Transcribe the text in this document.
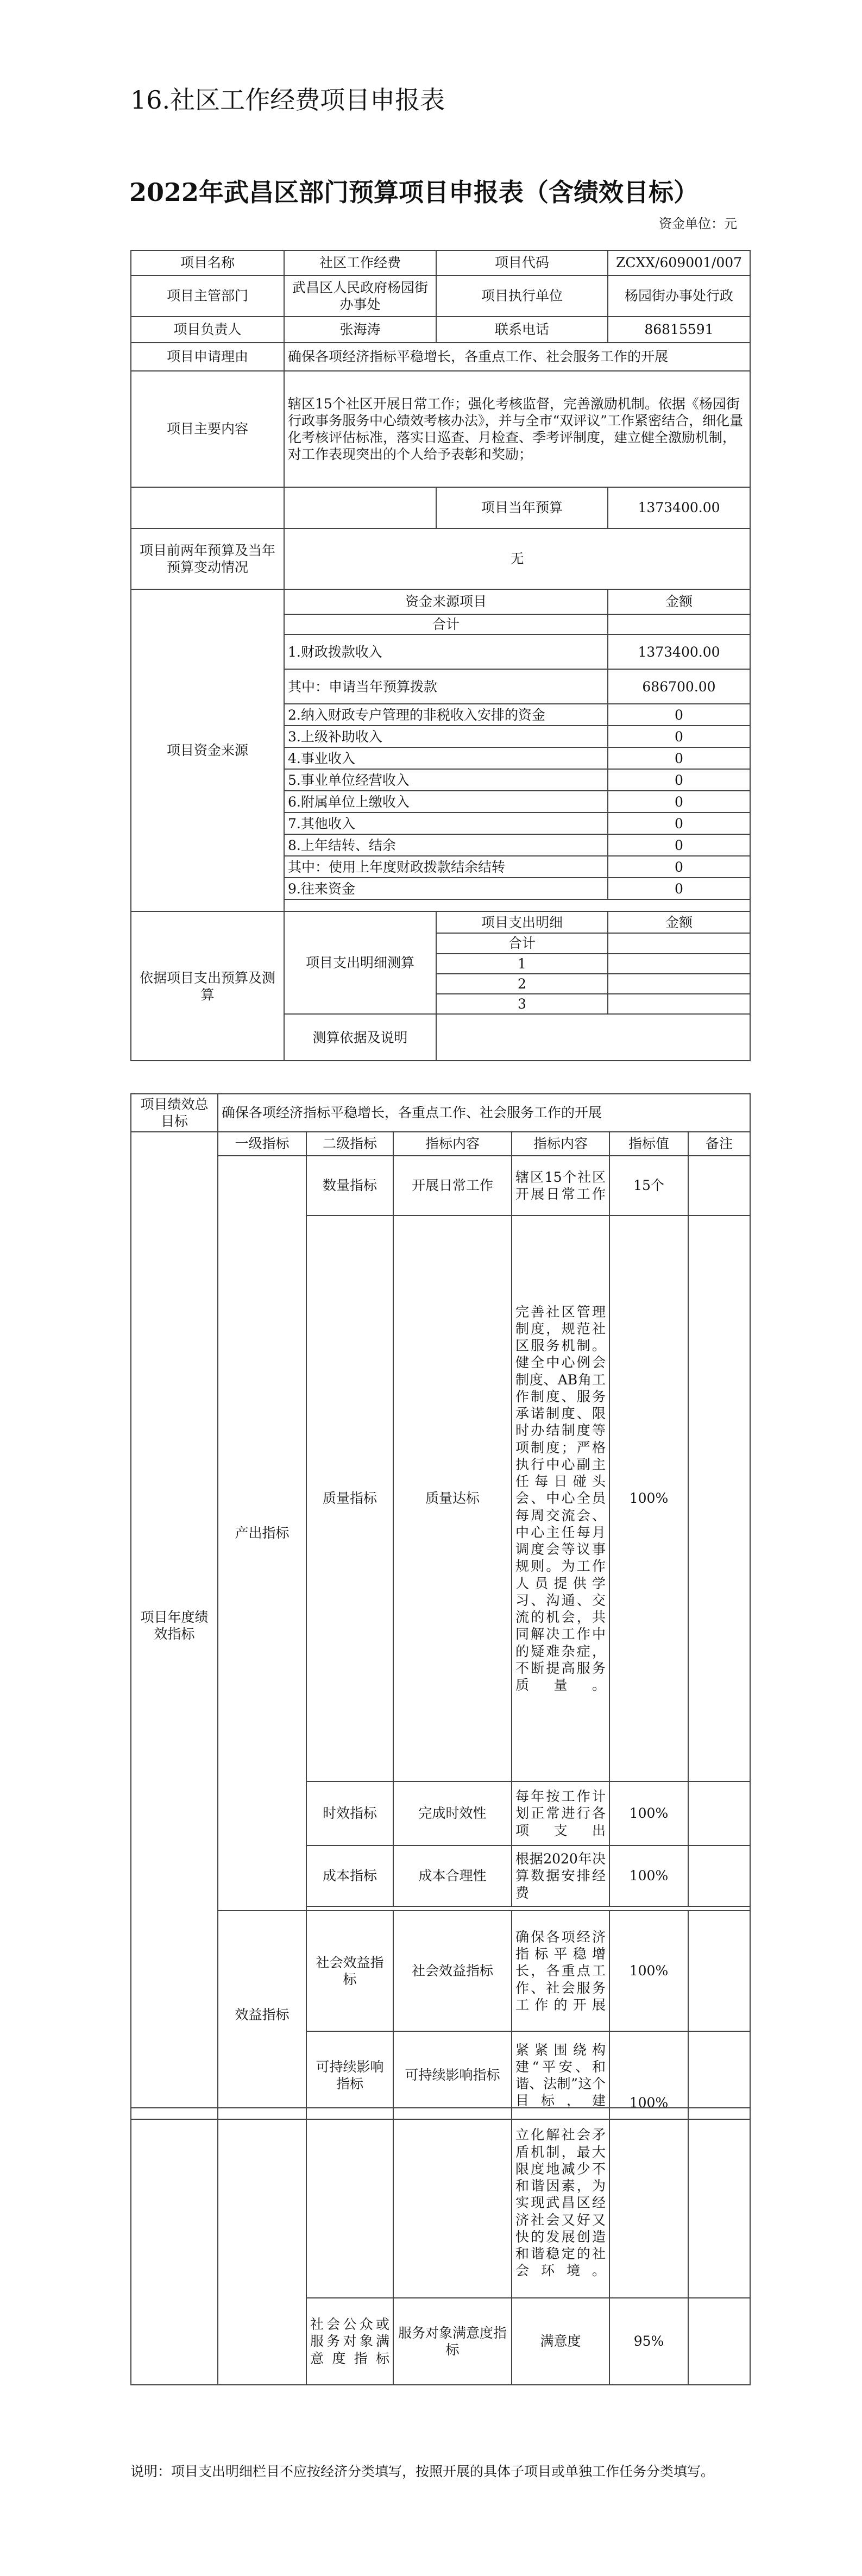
16.社区工作经费项目申报表
2022年武昌区部门预算项目申报表（含绩效目标）
资金单位：元
项目名称	社区工作经费	项目代码	ZCXX/609001/007
项目主管部门	武昌区人民政府杨园街办事处	项目执行单位	杨园街办事处行政
项目负责人	张海涛	联系电话	86815591
项目申请理由	确保各项经济指标平稳增长，各重点工作、社会服务工作的开展		
项目主要内容	辖区15个社区开展日常工作；强化考核监督，完善激励机制。依据《杨园街行政事务服务中心绩效考核办法》，并与全市“双评议”工作紧密结合，细化量化考核评估标准，落实日巡查、月检查、季考评制度，建立健全激励机制，对工作表现突出的个人给予表彰和奖励；		
		项目当年预算	1373400.00
项目前两年预算及当年预算变动情况	无		
项目资金来源	资金来源项目		金额
	合计		
	1.财政拨款收入		1373400.00
	其中：申请当年预算拨款		686700.00
	2.纳入财政专户管理的非税收入安排的资金		0
	3.上级补助收入		0
	4.事业收入		0
	5.事业单位经营收入		0
	6.附属单位上缴收入		0
	7.其他收入		0
	8.上年结转、结余		0
	其中：使用上年度财政拨款结余结转		0
	9.往来资金		0

依据项目支出预算及测算	项目支出明细测算	项目支出明细	金额
		合计	
		1	
		2	
		3	
	测算依据及说明		
项目绩效总目标	确保各项经济指标平稳增长，各重点工作、社会服务工作的开展					
项目年度绩效指标	一级指标	二级指标	指标内容	指标内容	指标值	备注
	产出指标	数量指标	开展日常工作	辖区15个社区开展日常工作	15个	
		质量指标	质量达标	完善社区管理制度，规范社区服务机制。健全中心例会制度、AB角工作制度、服务承诺制度、限时办结制度等项制度；严格执行中心副主任每日碰头会、中心全员每周交流会、中心主任每月调度会等议事规则。为工作人员提供学习、沟通、交流的机会，共同解决工作中的疑难杂症，不断提高服务质量。	100%	
		时效指标	完成时效性	每年按工作计划正常进行各项支出	100%	
		成本指标	成本合理性	根据2020年决算数据安排经费	100%	

	效益指标	社会效益指标	社会效益指标	确保各项经济指标平稳增长，各重点工作、社会服务工作的开展	100%	
		可持续影响指标	可持续影响指标	紧紧围绕构建“平安、和谐、法制”这个目标，建	100%	
				立化解社会矛盾机制，最大限度地减少不和谐因素，为实现武昌区经济社会又好又快的发展创造和谐稳定的社会环境。		
		社会公众或服务对象满意度指标	服务对象满意度指标	满意度	95%	
说明：项目支出明细栏目不应按经济分类填写，按照开展的具体子项目或单独工作任务分类填写。
